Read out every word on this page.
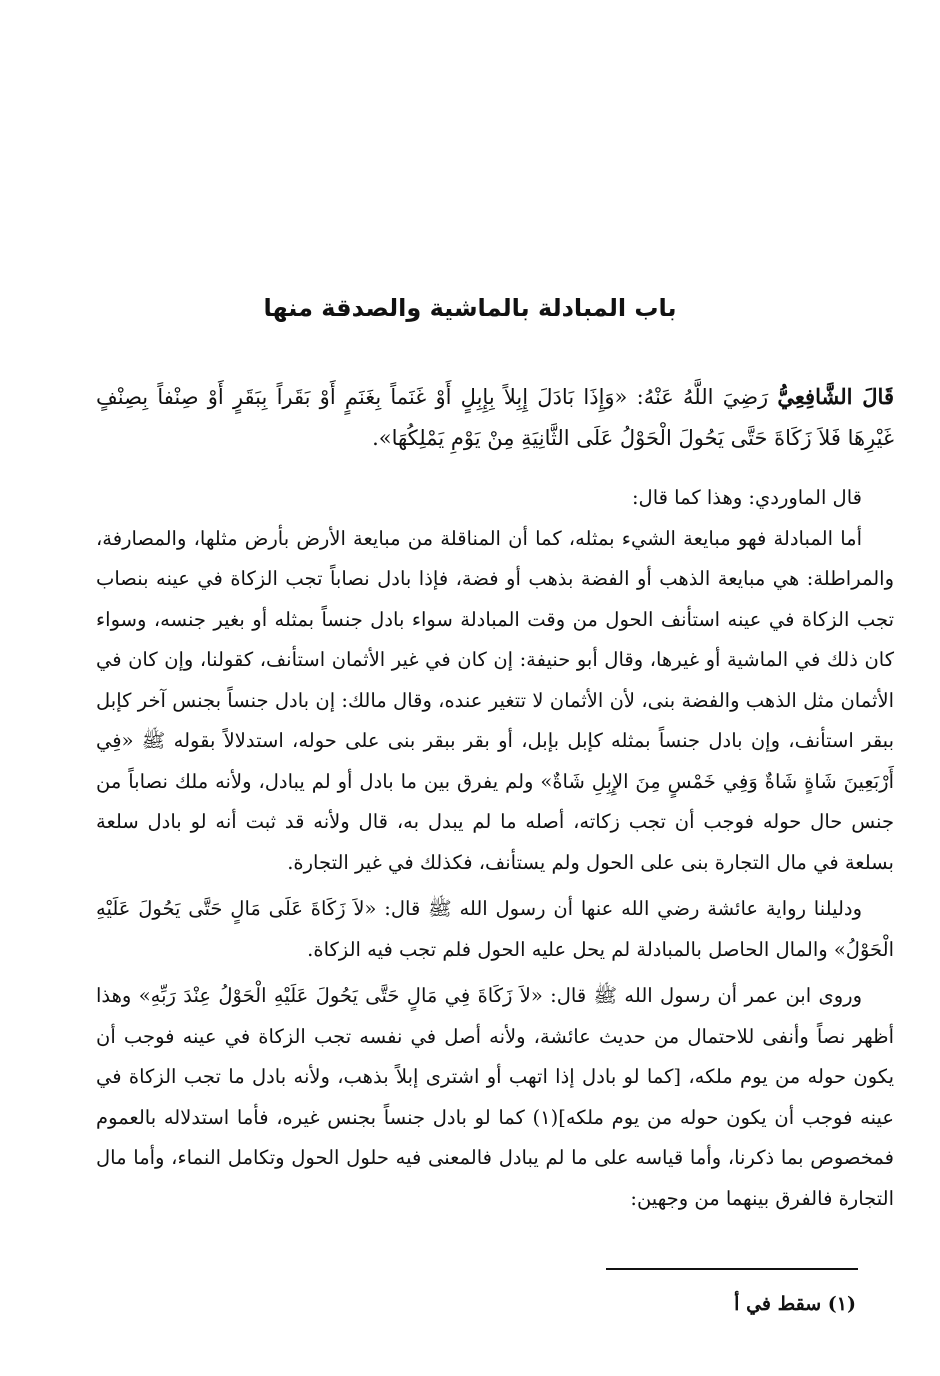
باب المبادلة بالماشية والصدقة منها

قَالَ الشَّافِعِيُّ رَضِيَ اللَّهُ عَنْهُ: «وَإِذَا بَادَلَ إِبِلاً بِإِبِلٍ أَوْ غَنَماً بِغَنَمٍ أَوْ بَقَراً بِبَقَرٍ أَوْ صِنْفاً بِصِنْفٍ غَيْرِهَا فَلاَ زَكَاةَ حَتَّى يَحُولَ الْحَوْلُ عَلَى الثَّانِيَةِ مِنْ يَوْمِ يَمْلِكُهَا».

قال الماوردي: وهذا كما قال:

أما المبادلة فهو مبايعة الشيء بمثله، كما أن المناقلة من مبايعة الأرض بأرض مثلها، والمصارفة، والمراطلة: هي مبايعة الذهب أو الفضة بذهب أو فضة، فإذا بادل نصاباً تجب الزكاة في عينه بنصاب تجب الزكاة في عينه استأنف الحول من وقت المبادلة سواء بادل جنساً بمثله أو بغير جنسه، وسواء كان ذلك في الماشية أو غيرها، وقال أبو حنيفة: إن كان في غير الأثمان استأنف، كقولنا، وإن كان في الأثمان مثل الذهب والفضة بنى، لأن الأثمان لا تتغير عنده، وقال مالك: إن بادل جنساً بجنس آخر كإبل ببقر استأنف، وإن بادل جنساً بمثله كإبل بإبل، أو بقر ببقر بنى على حوله، استدلالاً بقوله ﷺ «فِي أَرْبَعِينَ شَاةٍ شَاةٌ وَفِي خَمْسٍ مِنَ الإِبِلِ شَاةٌ» ولم يفرق بين ما بادل أو لم يبادل، ولأنه ملك نصاباً من جنس حال حوله فوجب أن تجب زكاته، أصله ما لم يبدل به، قال ولأنه قد ثبت أنه لو بادل سلعة بسلعة في مال التجارة بنى على الحول ولم يستأنف، فكذلك في غير التجارة.

ودليلنا رواية عائشة رضي الله عنها أن رسول الله ﷺ قال: «لاَ زَكَاةَ عَلَى مَالٍ حَتَّى يَحُولَ عَلَيْهِ الْحَوْلُ» والمال الحاصل بالمبادلة لم يحل عليه الحول فلم تجب فيه الزكاة.

وروى ابن عمر أن رسول الله ﷺ قال: «لاَ زَكَاةَ فِي مَالٍ حَتَّى يَحُولَ عَلَيْهِ الْحَوْلُ عِنْدَ رَبِّهِ» وهذا أظهر نصاً وأنفى للاحتمال من حديث عائشة، ولأنه أصل في نفسه تجب الزكاة في عينه فوجب أن يكون حوله من يوم ملكه، [كما لو بادل إذا اتهب أو اشترى إبلاً بذهب، ولأنه بادل ما تجب الزكاة في عينه فوجب أن يكون حوله من يوم ملكه](١) كما لو بادل جنساً بجنس غيره، فأما استدلاله بالعموم فمخصوص بما ذكرنا، وأما قياسه على ما لم يبادل فالمعنى فيه حلول الحول وتكامل النماء، وأما مال التجارة فالفرق بينهما من وجهين:

(١) سقط في أ
